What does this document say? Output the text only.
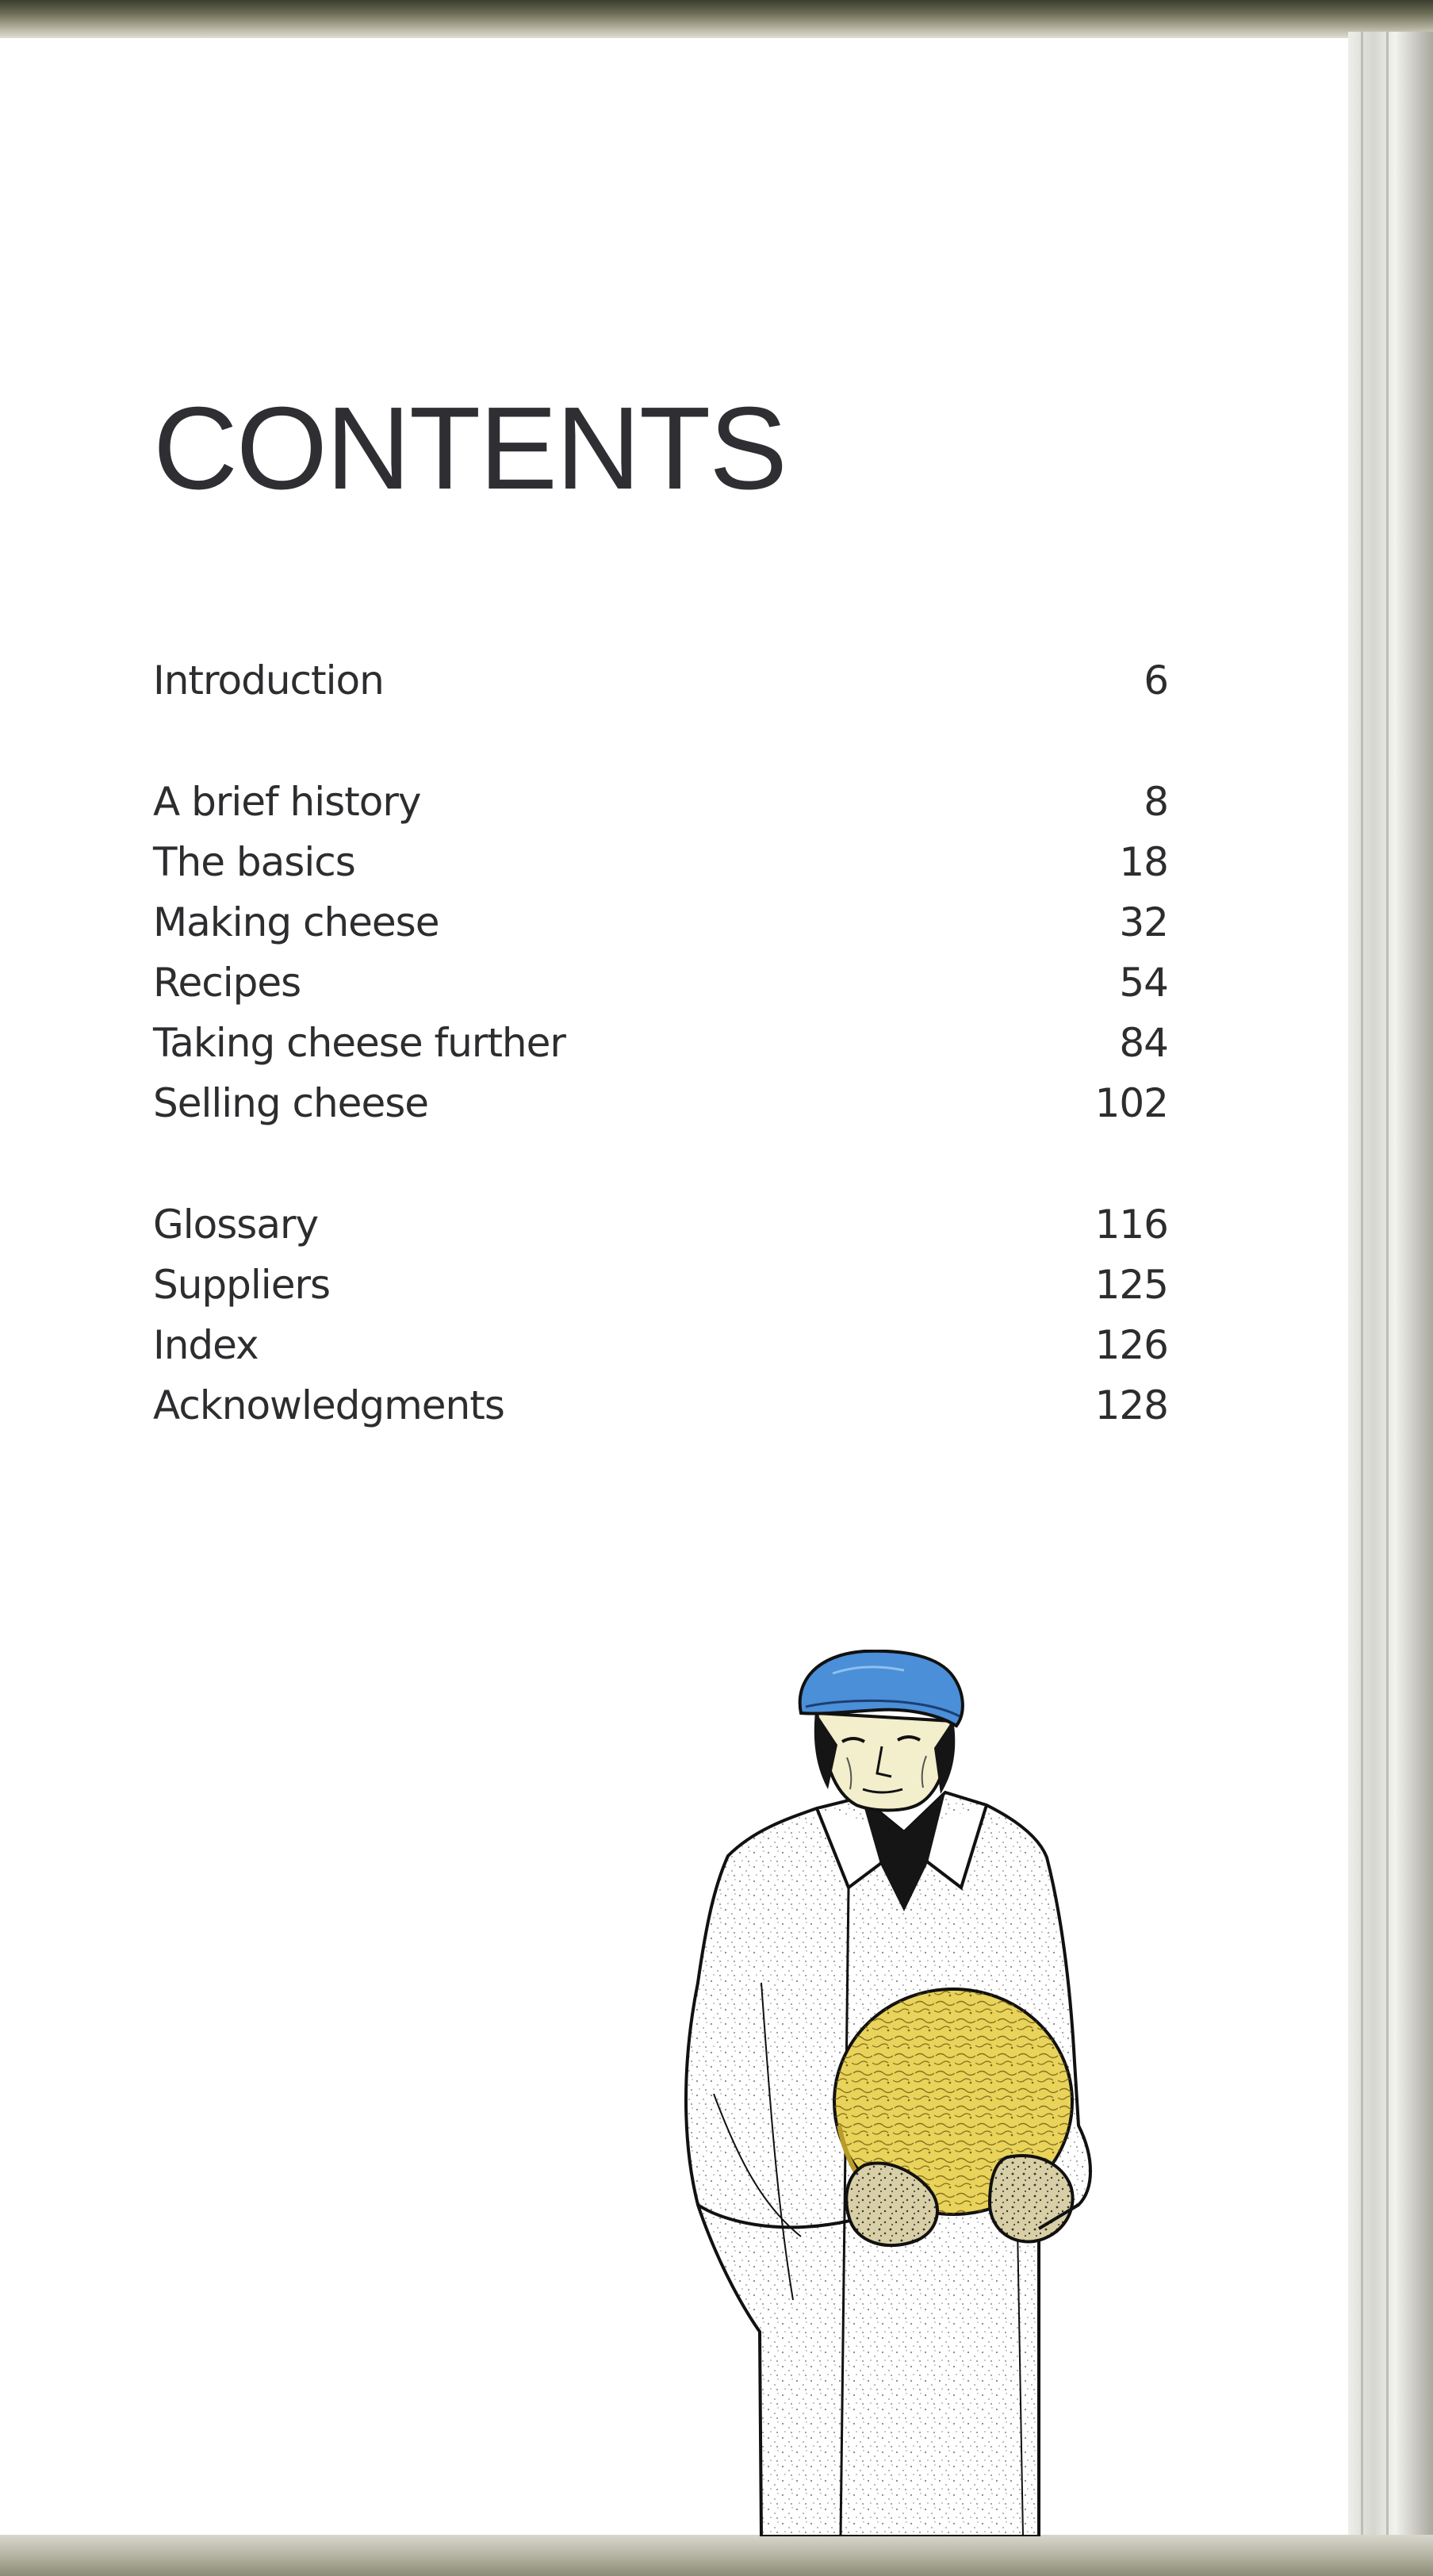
CONTENTS
Introduction	6
A brief history	8
The basics	18
Making cheese	32
Recipes	54
Taking cheese further	84
Selling cheese	102
Glossary	116
Suppliers	125
Index	126
Acknowledgments	128
